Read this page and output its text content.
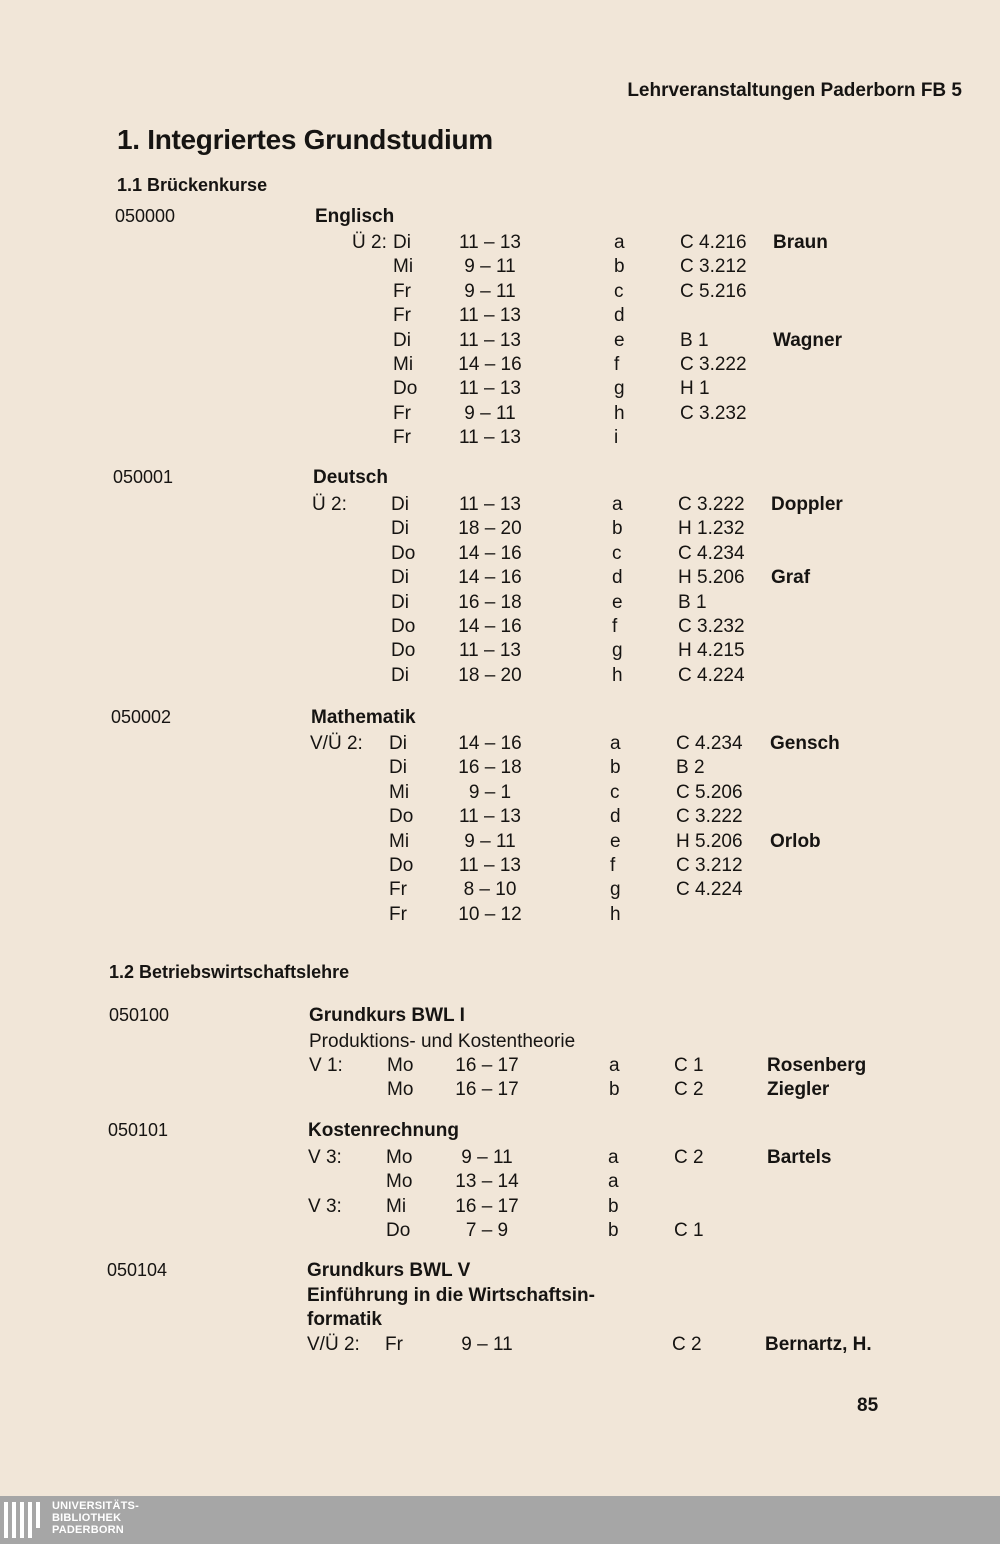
Lehrveranstaltungen Paderborn FB 5
1. Integriertes Grundstudium
1.1 Brückenkurse
050000	Englisch
Ü 2: Di	11 – 13	a	C 4.216 Braun
Mi	9 – 11	b	C 3.212
Fr	9 – 11	c	C 5.216
Fr	11 – 13	d
Di	11 – 13	e	B 1	Wagner
Mi	14 – 16	f	C 3.222
Do	11 – 13	g	H 1
Fr	9 – 11	h	C 3.232
Fr	11 – 13	i
050001	Deutsch
Ü 2: Di	11 – 13	a	C 3.222 Doppler
Di	18 – 20	b	H 1.232
Do	14 – 16	c	C 4.234
Di	14 – 16	d	H 5.206 Graf
Di	16 – 18	e	B 1
Do	14 – 16	f	C 3.232
Do	11 – 13	g	H 4.215
Di	18 – 20	h	C 4.224
050002	Mathematik
V/Ü 2: Di	14 – 16	a	C 4.234 Gensch
Di	16 – 18	b	B 2
Mi	9 – 1	c	C 5.206
Do	11 – 13	d	C 3.222
Mi	9 – 11	e	H 5.206 Orlob
Do	11 – 13	f	C 3.212
Fr	8 – 10	g	C 4.224
Fr	10 – 12	h
1.2 Betriebswirtschaftslehre
050100	Grundkurs BWL I
Produktions- und Kostentheorie
V 1: Mo	16 – 17	a	C 1	Rosenberg
Mo	16 – 17	b	C 2	Ziegler
050101	Kostenrechnung
V 3: Mo	9 – 11	a	C 2	Bartels
Mo	13 – 14	a
V 3: Mi	16 – 17	b
Do	7 – 9	b	C 1
050104	Grundkurs BWL V
Einführung in die Wirtschaftsin-
formatik
V/Ü 2: Fr	9 – 11	C 2	Bernartz, H.
85
UNIVERSITÄTS-
BIBLIOTHEK
PADERBORN
